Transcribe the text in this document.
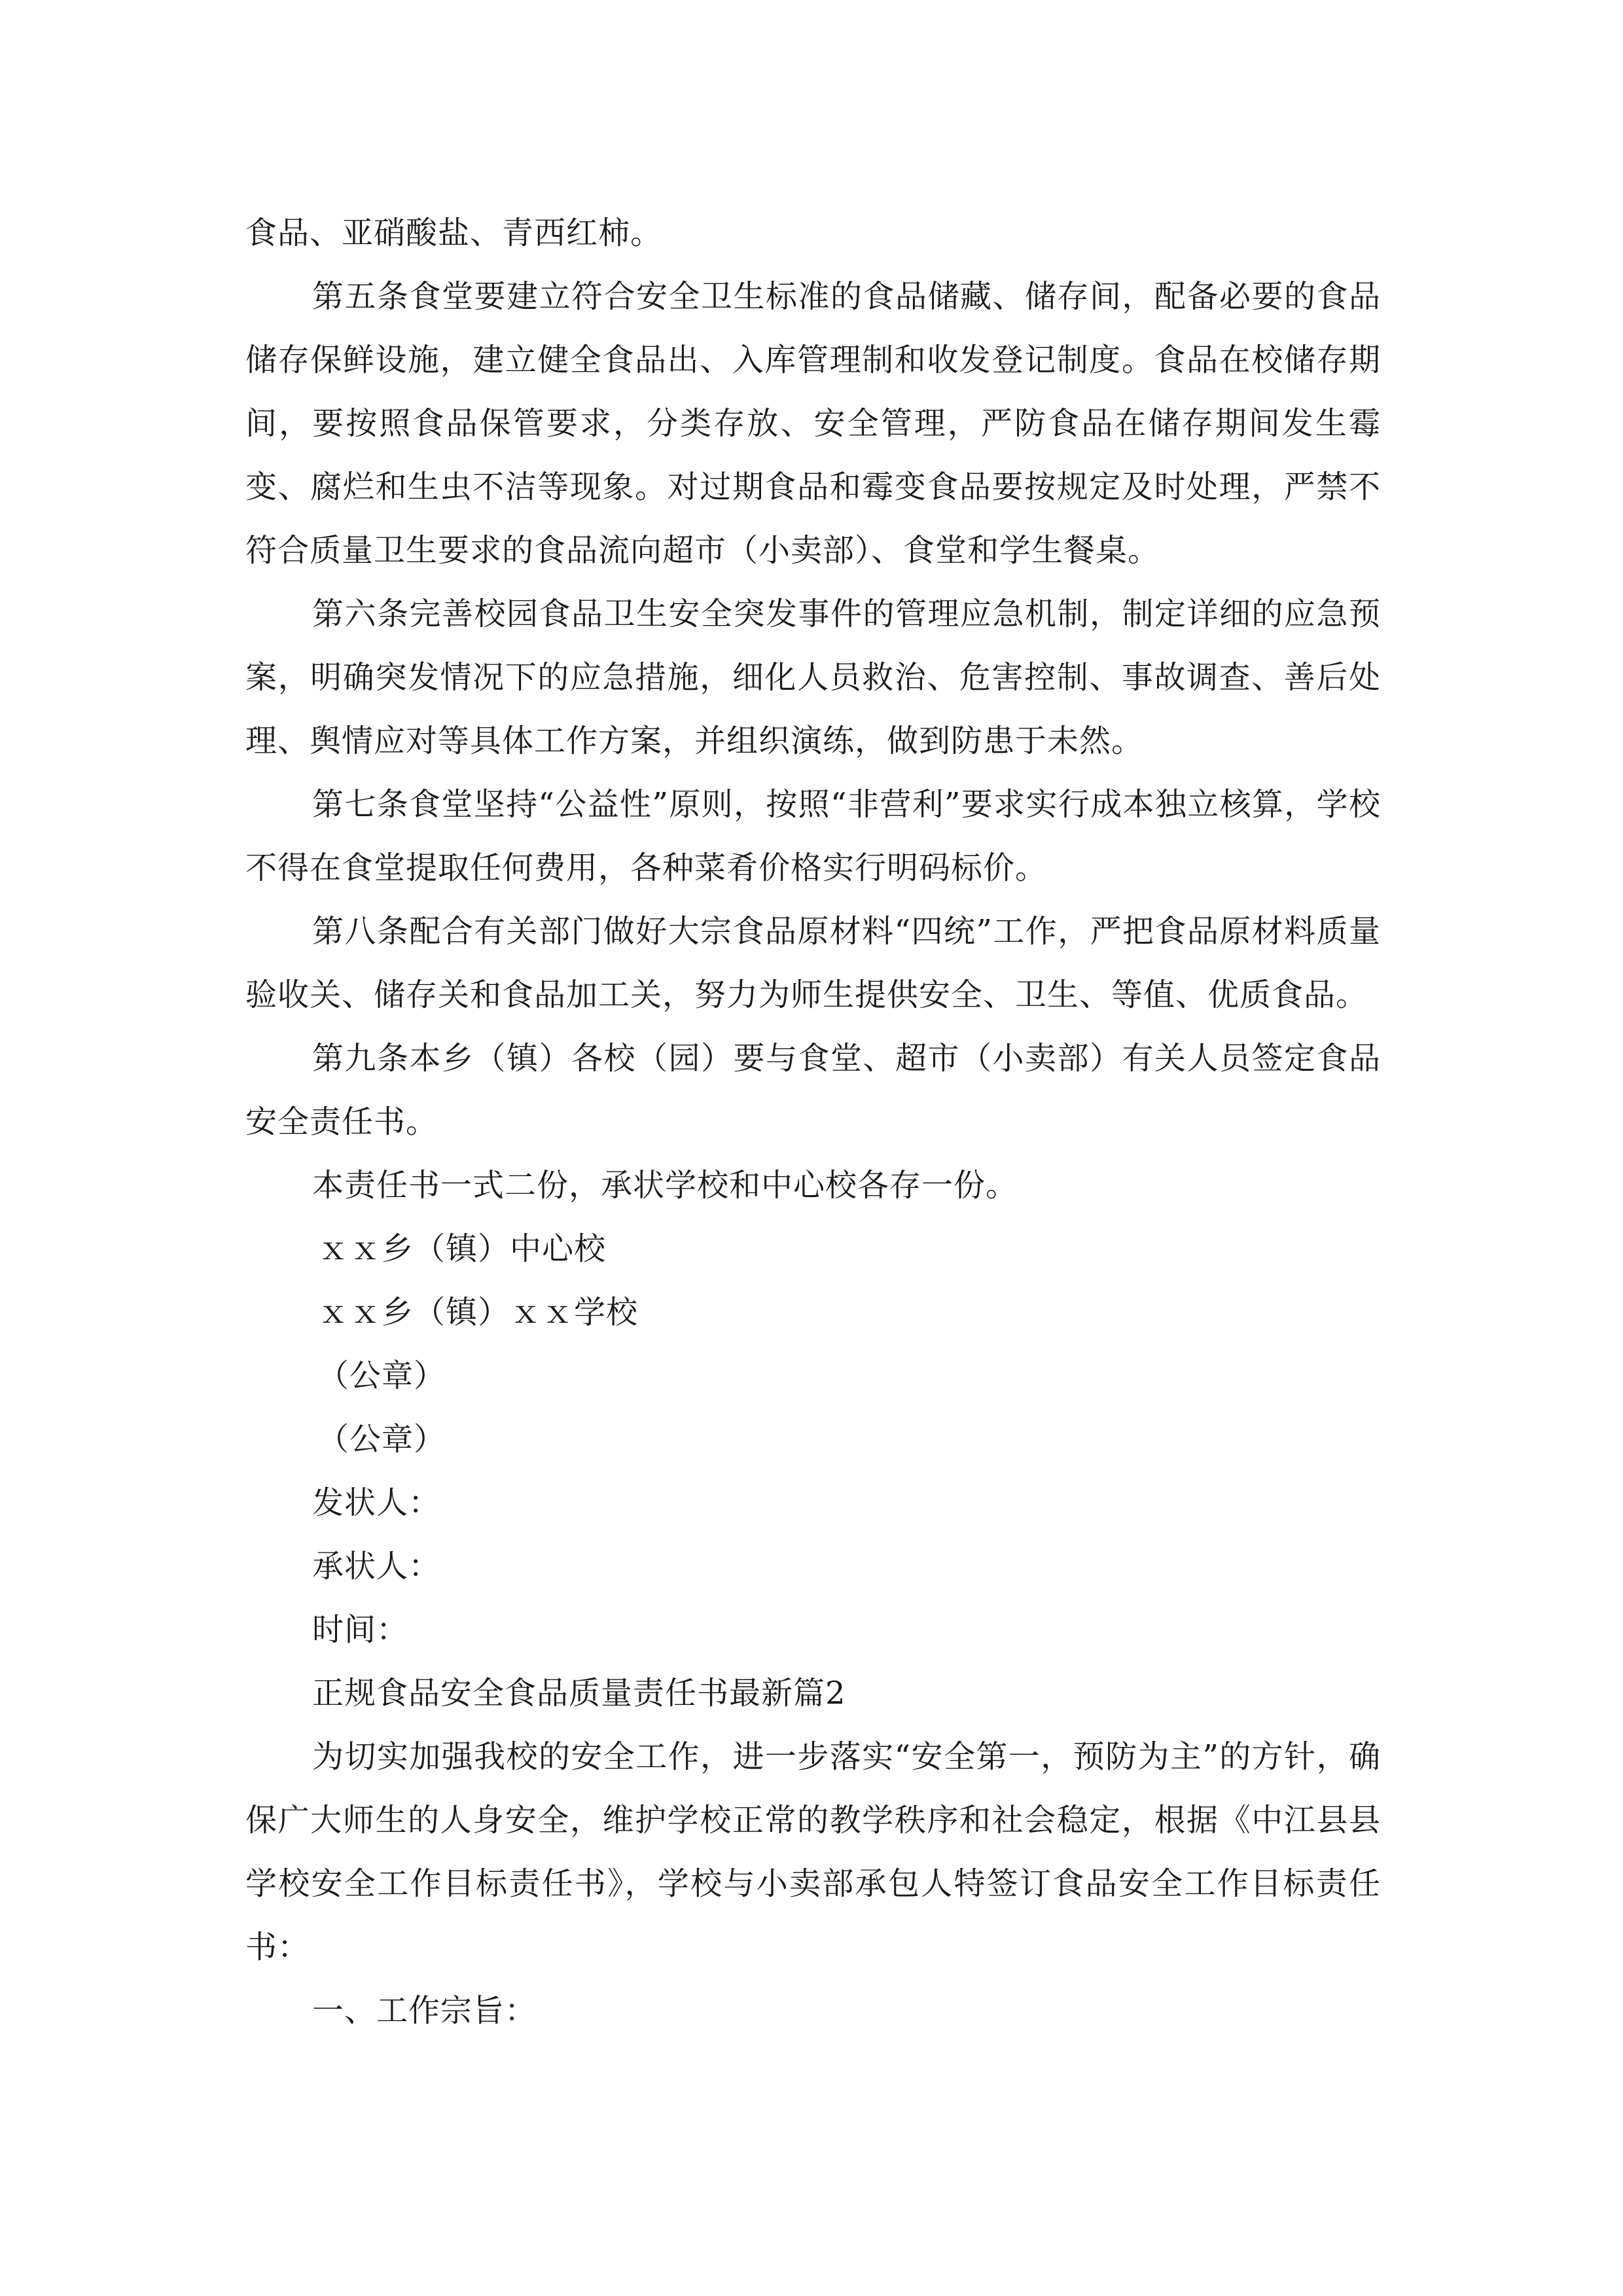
食品、亚硝酸盐、青西红柿。

第五条食堂要建立符合安全卫生标准的食品储藏、储存间，配备必要的食品储存保鲜设施，建立健全食品出、入库管理制和收发登记制度。食品在校储存期间，要按照食品保管要求，分类存放、安全管理，严防食品在储存期间发生霉变、腐烂和生虫不洁等现象。对过期食品和霉变食品要按规定及时处理，严禁不符合质量卫生要求的食品流向超市（小卖部）、食堂和学生餐桌。

第六条完善校园食品卫生安全突发事件的管理应急机制，制定详细的应急预案，明确突发情况下的应急措施，细化人员救治、危害控制、事故调查、善后处理、舆情应对等具体工作方案，并组织演练，做到防患于未然。

第七条食堂坚持“公益性”原则，按照“非营利”要求实行成本独立核算，学校不得在食堂提取任何费用，各种菜肴价格实行明码标价。

第八条配合有关部门做好大宗食品原材料“四统”工作，严把食品原材料质量验收关、储存关和食品加工关，努力为师生提供安全、卫生、等值、优质食品。

第九条本乡（镇）各校（园）要与食堂、超市（小卖部）有关人员签定食品安全责任书。

本责任书一式二份，承状学校和中心校各存一份。

ｘｘ乡（镇）中心校

ｘｘ乡（镇）ｘｘ学校

（公章）

（公章）

发状人：

承状人：

时间：

正规食品安全食品质量责任书最新篇2

为切实加强我校的安全工作，进一步落实“安全第一，预防为主”的方针，确保广大师生的人身安全，维护学校正常的教学秩序和社会稳定，根据《中江县县学校安全工作目标责任书》，学校与小卖部承包人特签订食品安全工作目标责任书：

一、工作宗旨：
